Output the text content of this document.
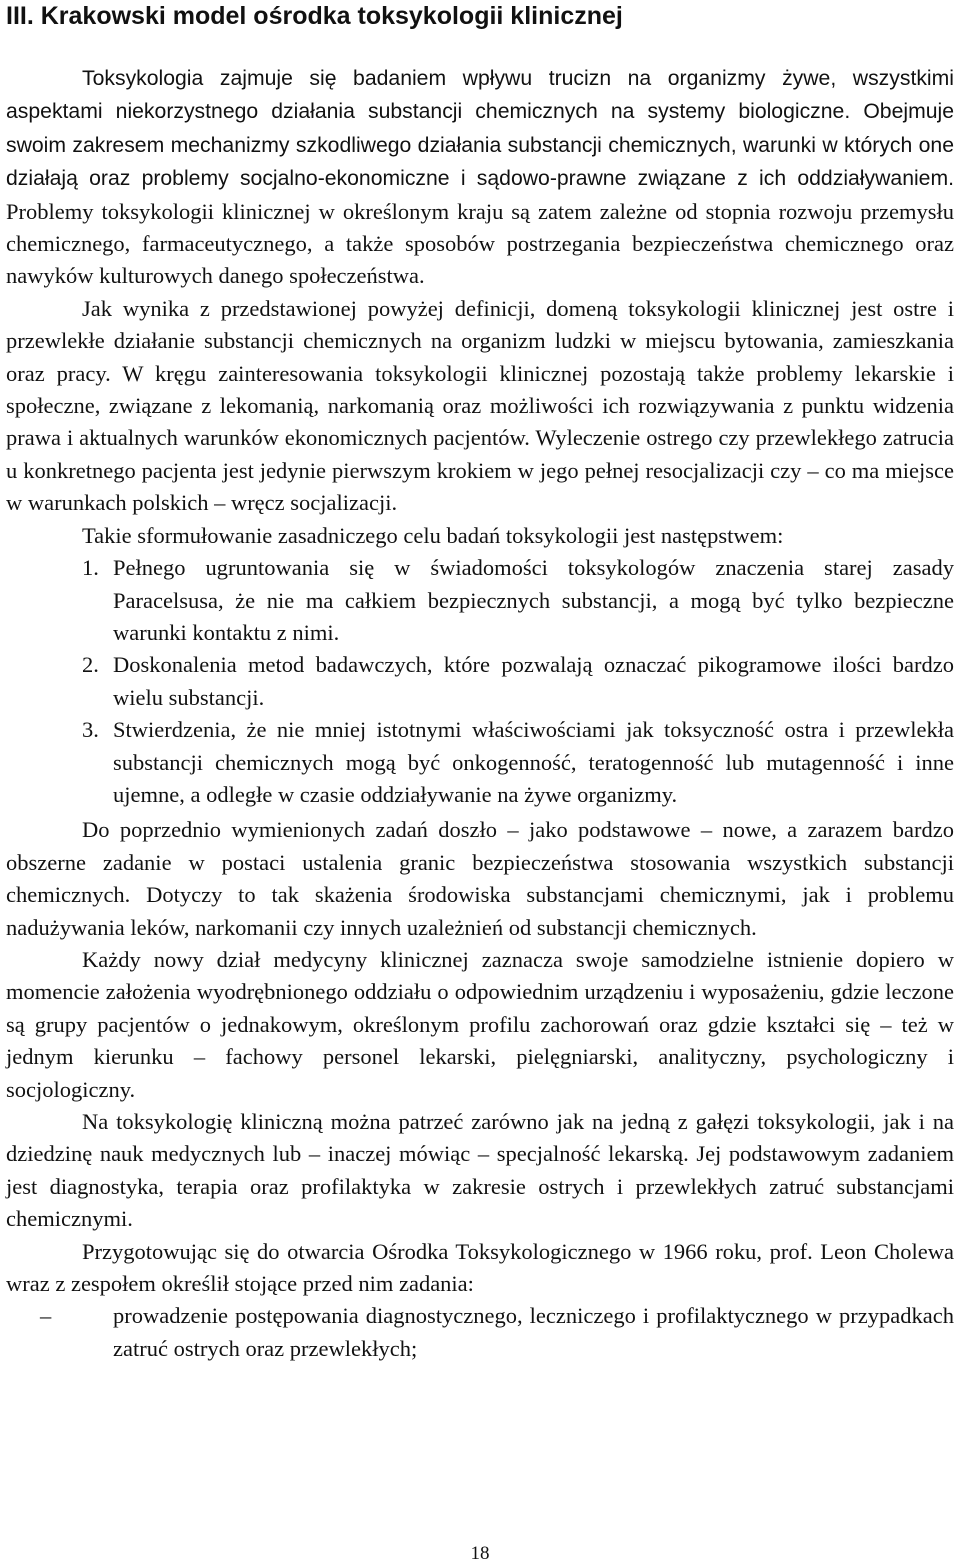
III. Krakowski model ośrodka toksykologii klinicznej

Toksykologia zajmuje się badaniem wpływu trucizn na organizmy żywe, wszystkimi aspektami niekorzystnego działania substancji chemicznych na systemy biologiczne. Obejmuje swoim zakresem mechanizmy szkodliwego działania substancji chemicznych, warunki w których one działają oraz problemy socjalno-ekonomiczne i sądowo-prawne związane z ich oddziaływaniem. Problemy toksykologii klinicznej w określonym kraju są zatem zależne od stopnia rozwoju przemysłu chemicznego, farmaceutycznego, a także sposobów postrzegania bezpieczeństwa chemicznego oraz nawyków kulturowych danego społeczeństwa.

Jak wynika z przedstawionej powyżej definicji, domeną toksykologii klinicznej jest ostre i przewlekłe działanie substancji chemicznych na organizm ludzki w miejscu bytowania, zamieszkania oraz pracy. W kręgu zainteresowania toksykologii klinicznej pozostają także problemy lekarskie i społeczne, związane z lekomanią, narkomanią oraz możliwości ich rozwiązywania z punktu widzenia prawa i aktualnych warunków ekonomicznych pacjentów. Wyleczenie ostrego czy przewlekłego zatrucia u konkretnego pacjenta jest jedynie pierwszym krokiem w jego pełnej resocjalizacji czy – co ma miejsce w warunkach polskich – wręcz socjalizacji.

Takie sformułowanie zasadniczego celu badań toksykologii jest następstwem:

1. Pełnego ugruntowania się w świadomości toksykologów znaczenia starej zasady Paracelsusa, że nie ma całkiem bezpiecznych substancji, a mogą być tylko bezpieczne warunki kontaktu z nimi.
2. Doskonalenia metod badawczych, które pozwalają oznaczać pikogramowe ilości bardzo wielu substancji.
3. Stwierdzenia, że nie mniej istotnymi właściwościami jak toksyczność ostra i przewlekła substancji chemicznych mogą być onkogenność, teratogenność lub mutagenność i inne ujemne, a odległe w czasie oddziaływanie na żywe organizmy.

Do poprzednio wymienionych zadań doszło – jako podstawowe – nowe, a zarazem bardzo obszerne zadanie w postaci ustalenia granic bezpieczeństwa stosowania wszystkich substancji chemicznych. Dotyczy to tak skażenia środowiska substancjami chemicznymi, jak i problemu nadużywania leków, narkomanii czy innych uzależnień od substancji chemicznych.

Każdy nowy dział medycyny klinicznej zaznacza swoje samodzielne istnienie dopiero w momencie założenia wyodrębnionego oddziału o odpowiednim urządzeniu i wyposażeniu, gdzie leczone są grupy pacjentów o jednakowym, określonym profilu zachorowań oraz gdzie kształci się – też w jednym kierunku – fachowy personel lekarski, pielęgniarski, analityczny, psychologiczny i socjologiczny.

Na toksykologię kliniczną można patrzeć zarówno jak na jedną z gałęzi toksykologii, jak i na dziedzinę nauk medycznych lub – inaczej mówiąc – specjalność lekarską. Jej podstawowym zadaniem jest diagnostyka, terapia oraz profilaktyka w zakresie ostrych i przewlekłych zatruć substancjami chemicznymi.

Przygotowując się do otwarcia Ośrodka Toksykologicznego w 1966 roku, prof. Leon Cholewa wraz z zespołem określił stojące przed nim zadania:

–	prowadzenie postępowania diagnostycznego, leczniczego i profilaktycznego w przypadkach zatruć ostrych oraz przewlekłych;
18
